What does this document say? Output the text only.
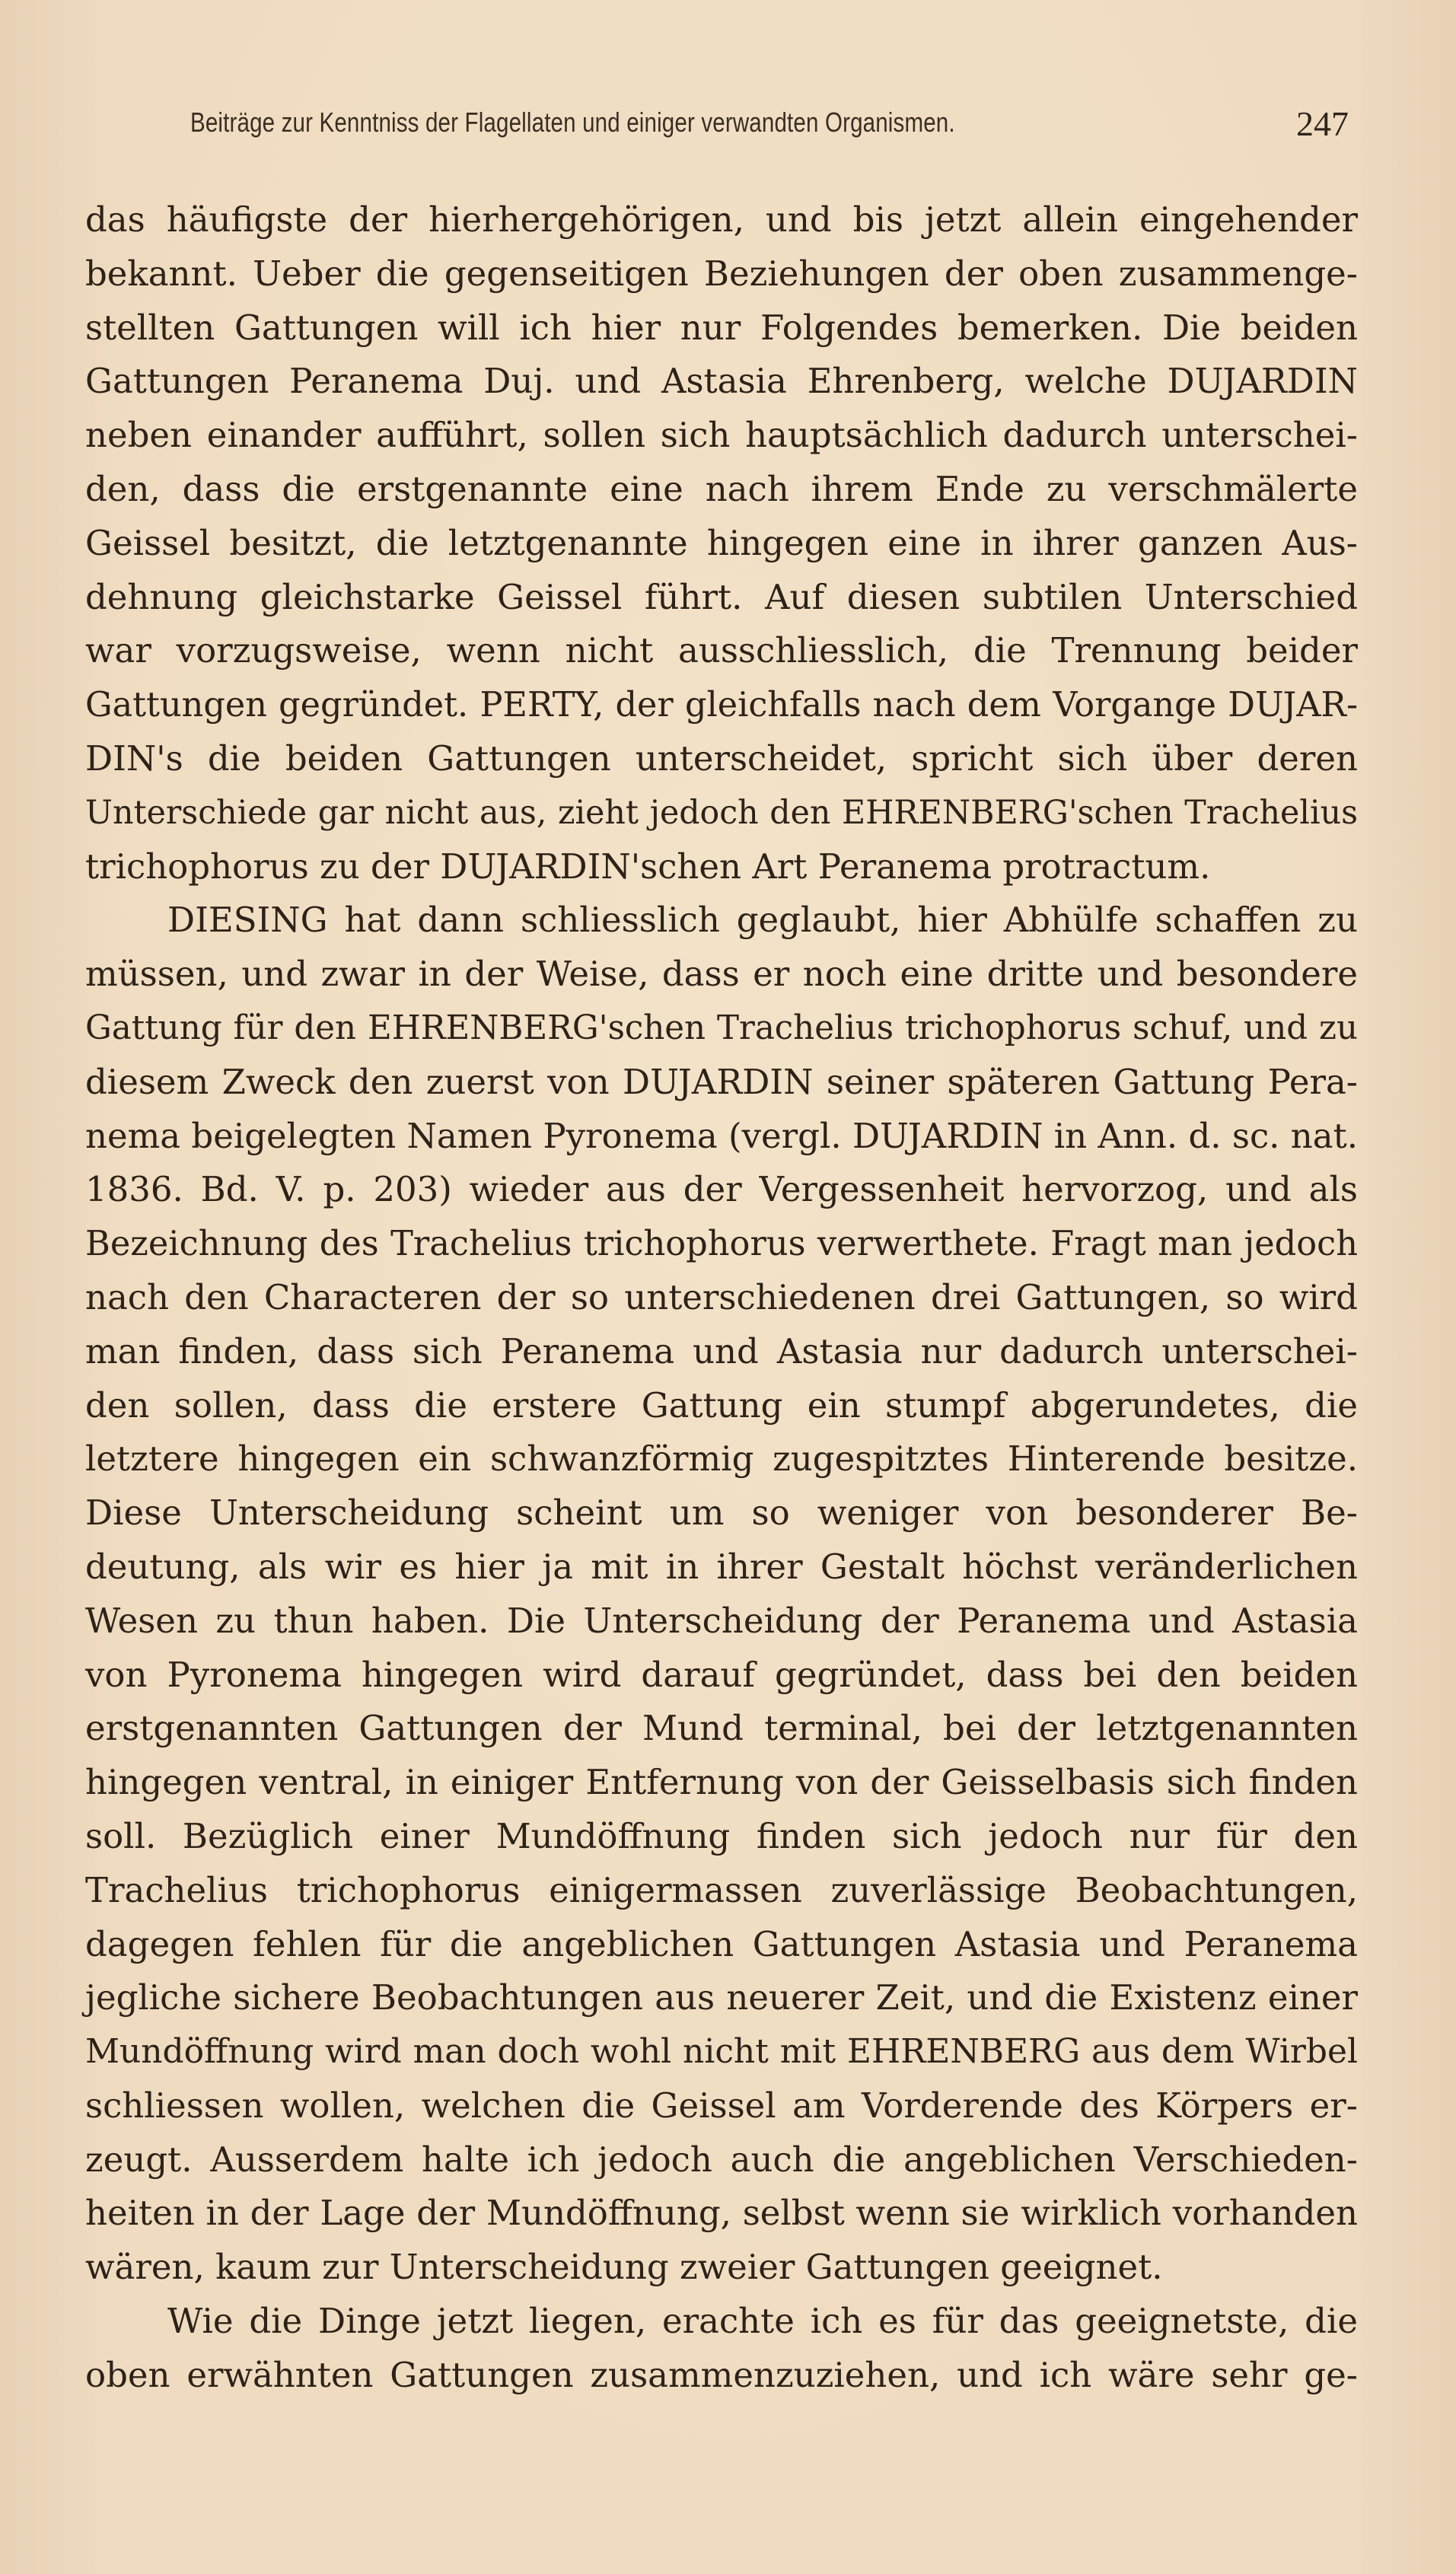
Beiträge zur Kenntniss der Flagellaten und einiger verwandten Organismen.	247
das häufigste der hierhergehörigen, und bis jetzt allein eingehender
bekannt. Ueber die gegenseitigen Beziehungen der oben zusammenge-
stellten Gattungen will ich hier nur Folgendes bemerken. Die beiden
Gattungen Peranema Duj. und Astasia Ehrenberg, welche DUJARDIN
neben einander aufführt, sollen sich hauptsächlich dadurch unterschei-
den, dass die erstgenannte eine nach ihrem Ende zu verschmälerte
Geissel besitzt, die letztgenannte hingegen eine in ihrer ganzen Aus-
dehnung gleichstarke Geissel führt. Auf diesen subtilen Unterschied
war vorzugsweise, wenn nicht ausschliesslich, die Trennung beider
Gattungen gegründet. PERTY, der gleichfalls nach dem Vorgange DUJAR-
DIN's die beiden Gattungen unterscheidet, spricht sich über deren
Unterschiede gar nicht aus, zieht jedoch den EHRENBERG'schen Trachelius
trichophorus zu der DUJARDIN'schen Art Peranema protractum.
DIESING hat dann schliesslich geglaubt, hier Abhülfe schaffen zu
müssen, und zwar in der Weise, dass er noch eine dritte und besondere
Gattung für den EHRENBERG'schen Trachelius trichophorus schuf, und zu
diesem Zweck den zuerst von DUJARDIN seiner späteren Gattung Pera-
nema beigelegten Namen Pyronema (vergl. DUJARDIN in Ann. d. sc. nat.
1836. Bd. V. p. 203) wieder aus der Vergessenheit hervorzog, und als
Bezeichnung des Trachelius trichophorus verwerthete. Fragt man jedoch
nach den Characteren der so unterschiedenen drei Gattungen, so wird
man finden, dass sich Peranema und Astasia nur dadurch unterschei-
den sollen, dass die erstere Gattung ein stumpf abgerundetes, die
letztere hingegen ein schwanzförmig zugespitztes Hinterende besitze.
Diese Unterscheidung scheint um so weniger von besonderer Be-
deutung, als wir es hier ja mit in ihrer Gestalt höchst veränderlichen
Wesen zu thun haben. Die Unterscheidung der Peranema und Astasia
von Pyronema hingegen wird darauf gegründet, dass bei den beiden
erstgenannten Gattungen der Mund terminal, bei der letztgenannten
hingegen ventral, in einiger Entfernung von der Geisselbasis sich finden
soll. Bezüglich einer Mundöffnung finden sich jedoch nur für den
Trachelius trichophorus einigermassen zuverlässige Beobachtungen,
dagegen fehlen für die angeblichen Gattungen Astasia und Peranema
jegliche sichere Beobachtungen aus neuerer Zeit, und die Existenz einer
Mundöffnung wird man doch wohl nicht mit EHRENBERG aus dem Wirbel
schliessen wollen, welchen die Geissel am Vorderende des Körpers er-
zeugt. Ausserdem halte ich jedoch auch die angeblichen Verschieden-
heiten in der Lage der Mundöffnung, selbst wenn sie wirklich vorhanden
wären, kaum zur Unterscheidung zweier Gattungen geeignet.
Wie die Dinge jetzt liegen, erachte ich es für das geeignetste, die
oben erwähnten Gattungen zusammenzuziehen, und ich wäre sehr ge-
